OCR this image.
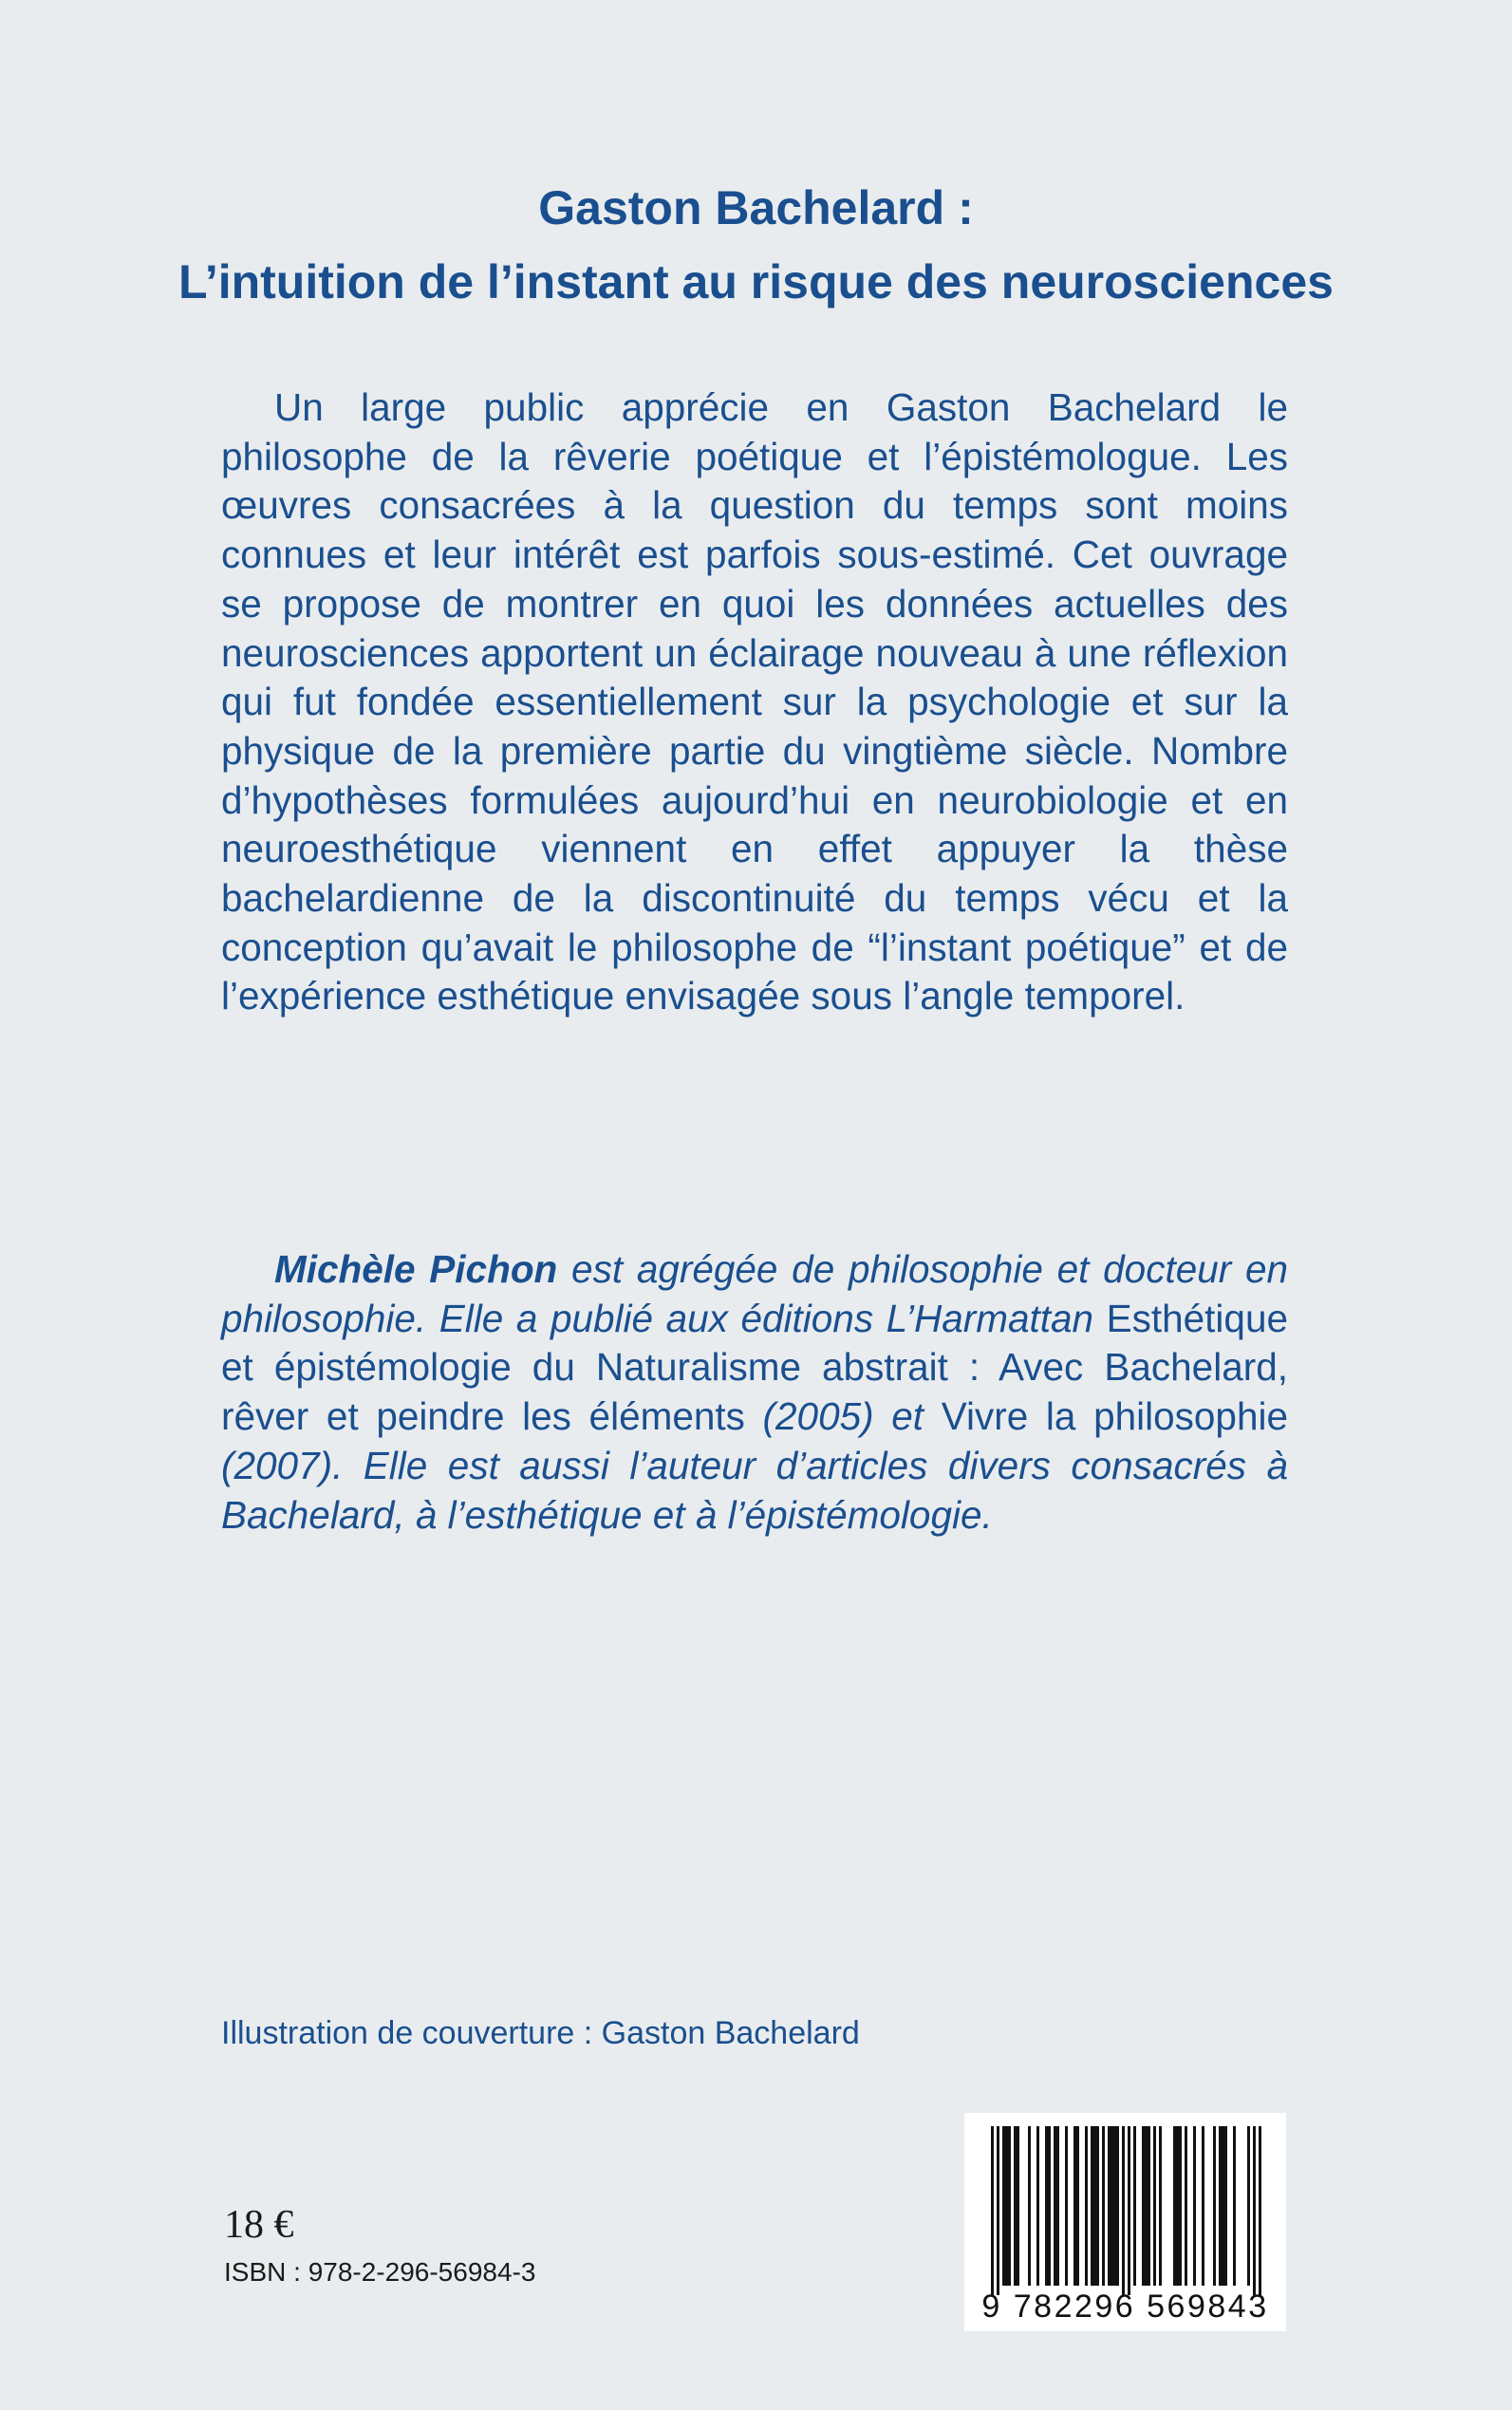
Gaston Bachelard :
L’intuition de l’instant au risque des neurosciences

Un large public apprécie en Gaston Bachelard le philosophe de la rêverie poétique et l’épistémologue. Les œuvres consacrées à la question du temps sont moins connues et leur intérêt est parfois sous-estimé. Cet ouvrage se propose de montrer en quoi les données actuelles des neurosciences apportent un éclairage nouveau à une réflexion qui fut fondée essentiellement sur la psychologie et sur la physique de la première partie du vingtième siècle. Nombre d’hypothèses formulées aujourd’hui en neurobiologie et en neuroesthétique viennent en effet appuyer la thèse bachelardienne de la discontinuité du temps vécu et la conception qu’avait le philosophe de “l’instant poétique” et de l’expérience esthétique envisagée sous l’angle temporel.

Michèle Pichon est agrégée de philosophie et docteur en philosophie. Elle a publié aux éditions L’Harmattan Esthétique et épistémologie du Naturalisme abstrait : Avec Bachelard, rêver et peindre les éléments (2005) et Vivre la philosophie (2007). Elle est aussi l’auteur d’articles divers consacrés à Bachelard, à l’esthétique et à l’épistémologie.

Illustration de couverture : Gaston Bachelard

18 €

ISBN : 978-2-296-56984-3

9 782296 569843
